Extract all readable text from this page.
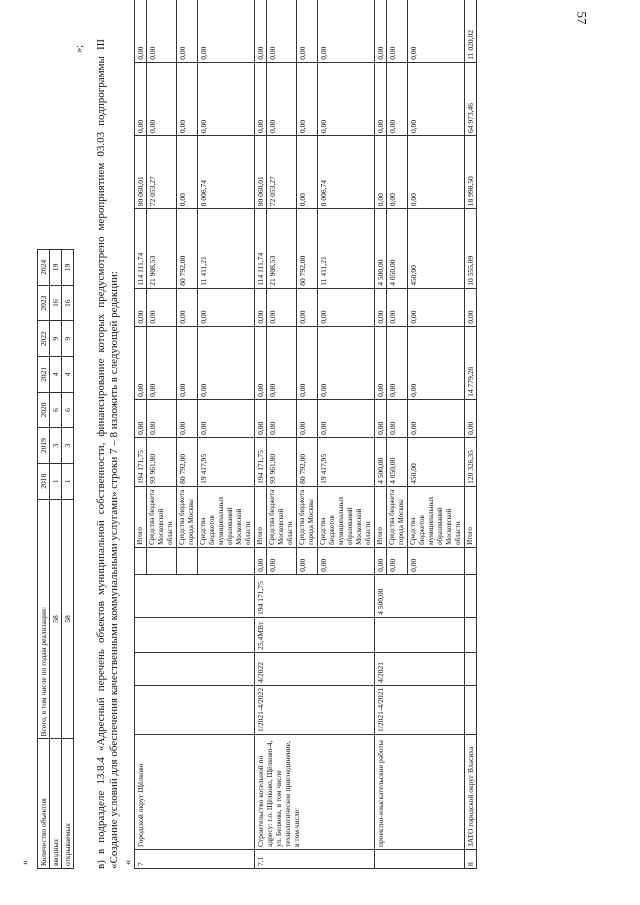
57
« Количество объектов	Всего, в том числе по годам реализации:	2018	2019	2020	2021	2022	2023	2024
вводных	58	1	3	6	4	9	16	19
открываемых	58	1	3	6	4	9	16	19
»; в) в подразделе 13.8.4 «Адресный перечень объектов муниципальной собственности, финансирование которых предусмотрено мероприятием 03.03 подпрограммы III «Создание условий для обеспечения качественными коммунальными услугами» строки 7 – 8 изложить в следующей редакции: « 7	Городской округ Щёлково						Итого	194 171,75	0,00	0,00	0,00	114 111,74	80 060,01	0,00	0,00
							Средства бюджета Московской области	93 961,80	0,00	0,00	0,00	21 908,53	72 053,27	0,00	0,00
							Средства бюджета города Москвы	80 792,00	0,00	0,00	0,00	80 792,00	0,00	0,00	0,00
							Средства бюджетов муниципальных образований Московской области	19 417,95	0,00	0,00	0,00	11 411,21	8 006,74	0,00	0,00
7.1	Строительство котельной по адресу: г.о. Щёлково, Щёлково-4, ул. Беляева, в том числе технологическое присоединение, в том числе:	1/2021-4/2022	4/2022	25,4МВт	194 171,75	0,00	Итого	194 171,75	0,00	0,00	0,00	114 111,74	80 060,01	0,00	0,00
						0,00	Средства бюджета Московской области	93 961,80	0,00	0,00	0,00	21 908,53	72 053,27	0,00	0,00
						0,00	Средства бюджета города Москвы	80 792,00	0,00	0,00	0,00	80 792,00	0,00	0,00	0,00
						0,00	Средства бюджетов муниципальных образований Московской области	19 417,95	0,00	0,00	0,00	11 411,21	8 006,74	0,00	0,00
	проектно-изыскательские работы	1/2021-4/2021	4/2021		4 500,00	0,00	Итого	4 500,00	0,00	0,00	0,00	4 500,00	0,00	0,00	0,00
						0,00	Средства бюджета города Москвы	4 050,00	0,00	0,00	0,00	4 050,00	0,00	0,00	0,00
						0,00	Средства бюджетов муниципальных образований Московской области	450,00	0,00	0,00	0,00	450,00	0,00	0,00	0,00
8	ЗАТО городской округ Власиха						Итого	120 326,35	0,00	14 779,28	0,00	10 555,09	18 998,50	64 973,46	11 020,02
